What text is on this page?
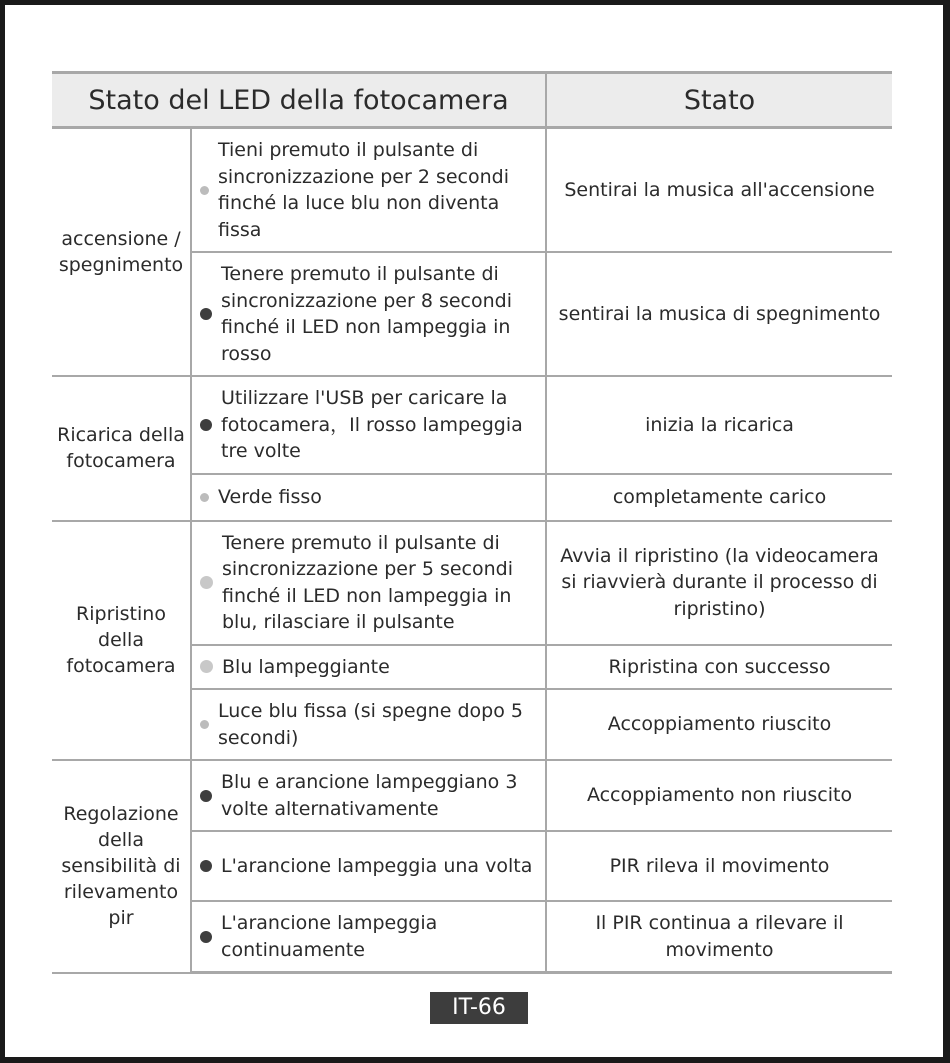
Stato del LED della fotocamera		Stato
accensione / spegnimento	Tieni premuto il pulsante di sincronizzazione per 2 secondi finché la luce blu non diventa fissa	Sentirai la musica all'accensione

	Tenere premuto il pulsante di sincronizzazione per 8 secondi finché il LED non lampeggia in rosso	sentirai la musica di spegnimento
Ricarica della fotocamera	Utilizzare l'USB per caricare la fotocamera，Il rosso lampeggia tre volte	inizia la ricarica

	Verde fisso	completamente carico
Ripristino della fotocamera	Tenere premuto il pulsante di sincronizzazione per 5 secondi finché il LED non lampeggia in blu, rilasciare il pulsante	Avvia il ripristino (la videocamera si riavvierà durante il processo di ripristino)

	Blu lampeggiante	Ripristina con successo

	Luce blu fissa (si spegne dopo 5 secondi)	Accoppiamento riuscito
Regolazione della sensibilità di rilevamento pir	Blu e arancione lampeggiano 3 volte alternativamente	Accoppiamento non riuscito

	L'arancione lampeggia una volta	PIR rileva il movimento

	L'arancione lampeggia continuamente	Il PIR continua a rilevare il movimento
IT-66
